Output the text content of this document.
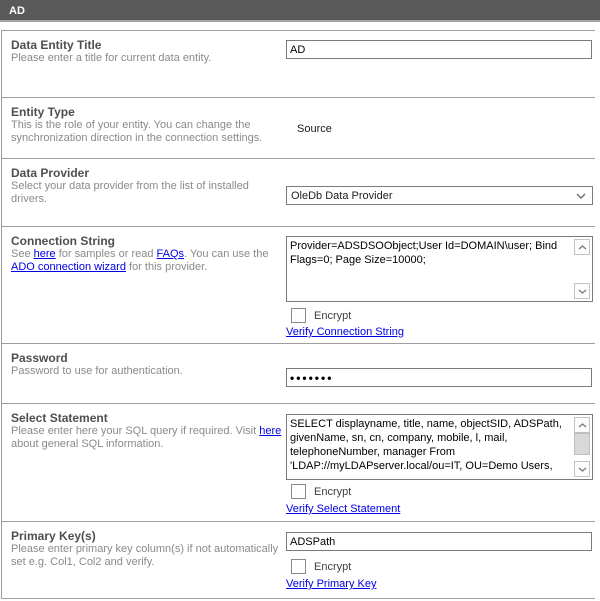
AD
Data Entity Title
Please enter a title for current data entity.
AD
Entity Type
This is the role of your entity. You can change the synchronization direction in the connection settings.
Source
Data Provider
Select your data provider from the list of installed drivers.	OleDb Data Provider
Connection String
See here for samples or read FAQs. You can use the ADO connection wizard for this provider.
Provider=ADSDSOObject;User Id=DOMAIN\user; Bind Flags=0; Page Size=10000;
Encrypt
Verify Connection String
Password
Password to use for authentication.
•••••••
Select Statement
Please enter here your SQL query if required. Visit here about general SQL information.
SELECT displayname, title, name, objectSID, ADSPath, givenName, sn, cn, company, mobile, l, mail, telephoneNumber, manager From 'LDAP://myLDAPserver.local/ou=IT, OU=Demo Users,
Encrypt
Verify Select Statement
Primary Key(s)
Please enter primary key column(s) if not automatically set e.g. Col1, Col2 and verify.
ADSPath	Encrypt
Verify Primary Key
